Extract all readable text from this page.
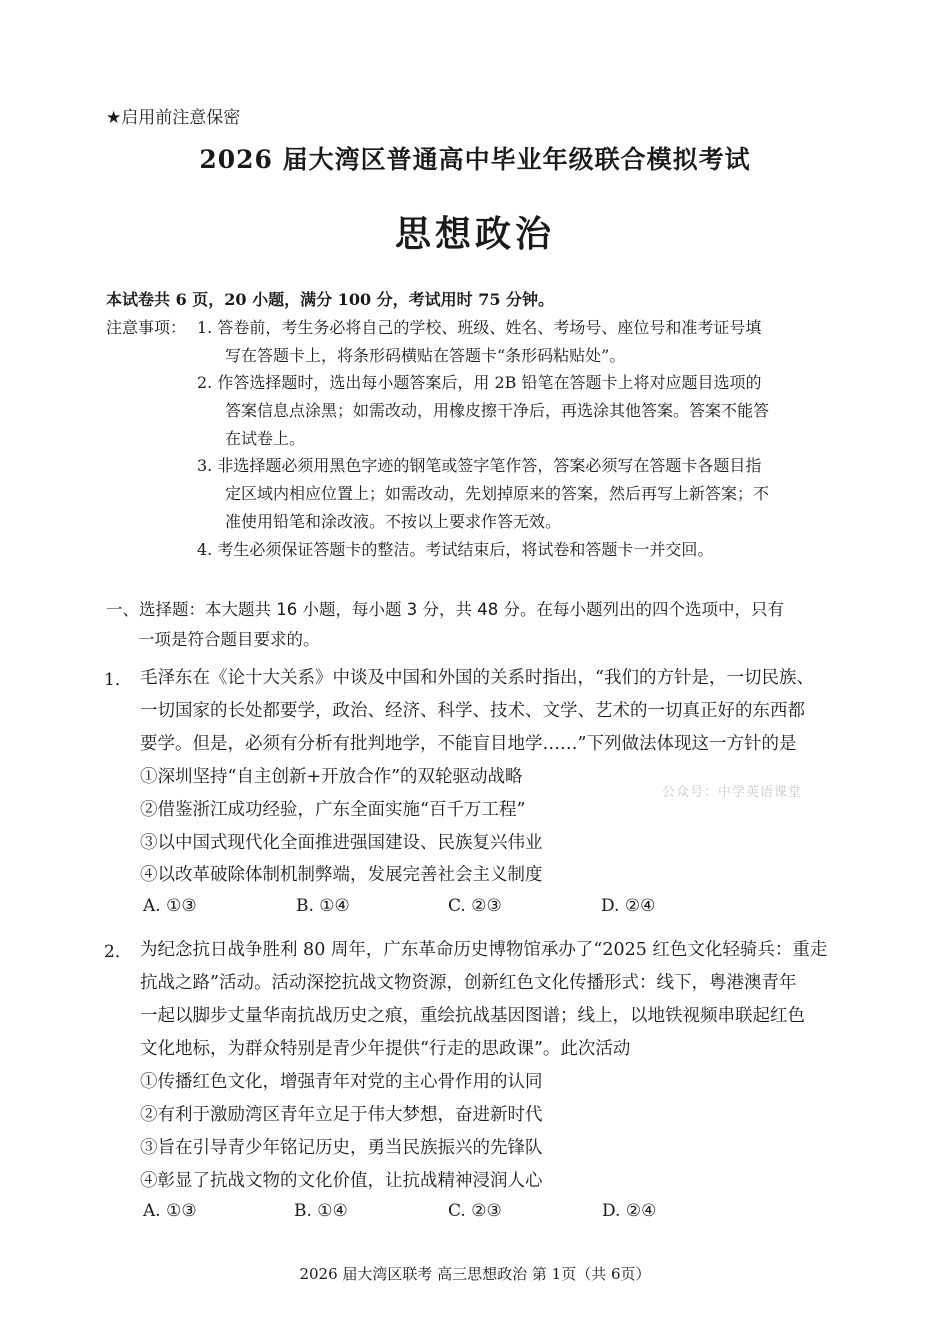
★启用前注意保密
2026 届大湾区普通高中毕业年级联合模拟考试
思想政治
本试卷共 6 页，20 小题，满分 100 分，考试用时 75 分钟。
注意事项： 1. 答卷前，考生务必将自己的学校、班级、姓名、考场号、座位号和准考证号填
写在答题卡上，将条形码横贴在答题卡“条形码粘贴处”。
2. 作答选择题时，选出每小题答案后，用 2B 铅笔在答题卡上将对应题目选项的
答案信息点涂黑；如需改动，用橡皮擦干净后，再选涂其他答案。答案不能答
在试卷上。
3. 非选择题必须用黑色字迹的钢笔或签字笔作答，答案必须写在答题卡各题目指
定区域内相应位置上；如需改动，先划掉原来的答案，然后再写上新答案；不
准使用铅笔和涂改液。不按以上要求作答无效。
4. 考生必须保证答题卡的整洁。考试结束后，将试卷和答题卡一并交回。
一、选择题：本大题共 16 小题，每小题 3 分，共 48 分。在每小题列出的四个选项中，只有
一项是符合题目要求的。
1． 毛泽东在《论十大关系》中谈及中国和外国的关系时指出，“我们的方针是，一切民族、
一切国家的长处都要学，政治、经济、科学、技术、文学、艺术的一切真正好的东西都
要学。但是，必须有分析有批判地学，不能盲目地学……”下列做法体现这一方针的是
①深圳坚持“自主创新+开放合作”的双轮驱动战略
②借鉴浙江成功经验，广东全面实施“百千万工程”
③以中国式现代化全面推进强国建设、民族复兴伟业
④以改革破除体制机制弊端，发展完善社会主义制度
A. ①③	B. ①④	C. ②③	D. ②④
公众号：中学英语课堂
2． 为纪念抗日战争胜利 80 周年，广东革命历史博物馆承办了“2025 红色文化轻骑兵：重走
抗战之路”活动。活动深挖抗战文物资源，创新红色文化传播形式：线下，粤港澳青年
一起以脚步丈量华南抗战历史之痕，重绘抗战基因图谱；线上，以地铁视频串联起红色
文化地标，为群众特别是青少年提供“行走的思政课”。此次活动
①传播红色文化，增强青年对党的主心骨作用的认同
②有利于激励湾区青年立足于伟大梦想，奋进新时代
③旨在引导青少年铭记历史，勇当民族振兴的先锋队
④彰显了抗战文物的文化价值，让抗战精神浸润人心
A. ①③	B. ①④	C. ②③	D. ②④
2026 届大湾区联考 高三思想政治 第 1页（共 6页）
